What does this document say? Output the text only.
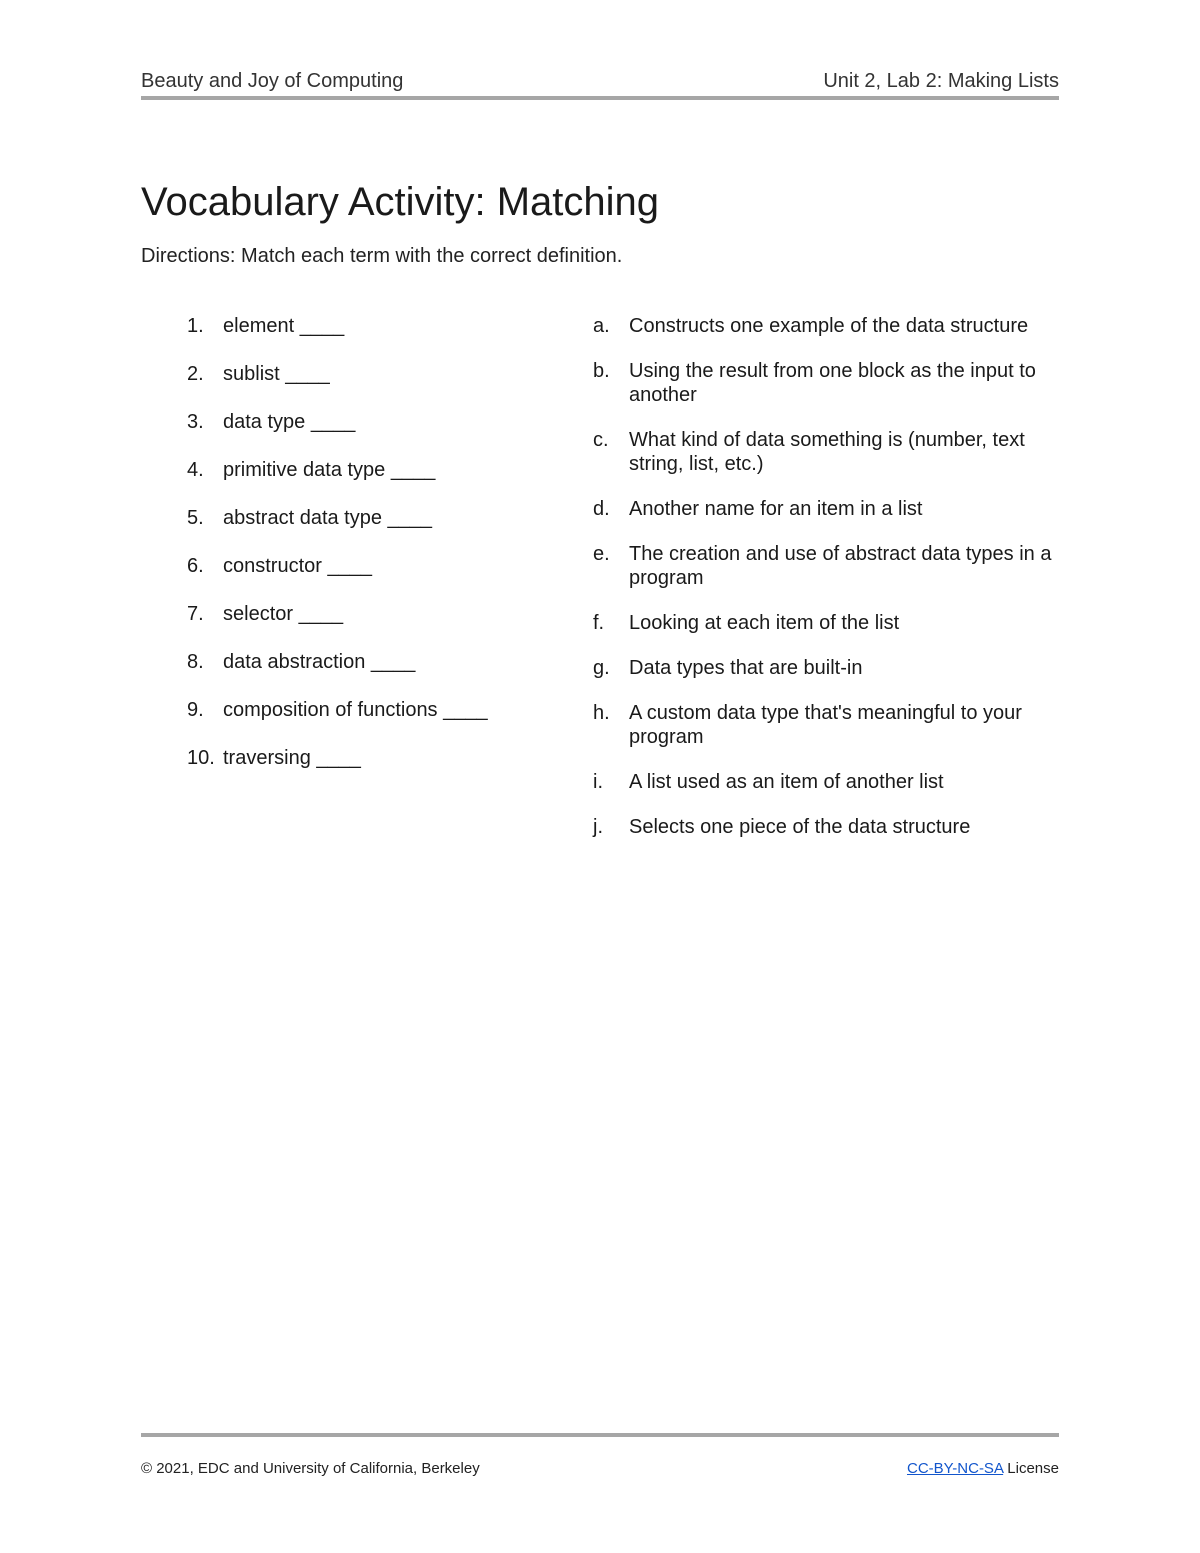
Beauty and Joy of Computing	Unit 2, Lab 2: Making Lists
Vocabulary Activity: Matching
Directions: Match each term with the correct definition.
1. element ____
2. sublist ____
3. data type ____
4. primitive data type ____
5. abstract data type ____
6. constructor ____
7. selector ____
8. data abstraction ____
9. composition of functions ____
10. traversing ____
a. Constructs one example of the data structure
b. Using the result from one block as the input to another
c.	What kind of data something is (number, text string, list, etc.)
d. Another name for an item in a list
e. The creation and use of abstract data types in a program
f.	Looking at each item of the list
g. Data types that are built-in
h. A custom data type that's meaningful to your program
i.	A list used as an item of another list
j.	Selects one piece of the data structure
© 2021, EDC and University of California, Berkeley	CC-BY-NC-SA License
